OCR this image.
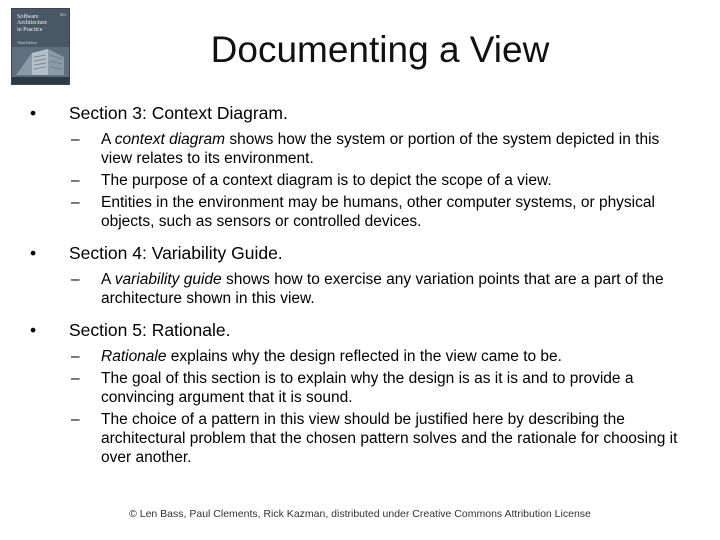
SEI
Software
Architecture
in Practice
Third Edition	Documenting a View
•	Section 3: Context Diagram.
–	A context diagram shows how the system or portion of the system depicted in this view relates to its environment.
–	The purpose of a context diagram is to depict the scope of a view.
–	Entities in the environment may be humans, other computer systems, or physical objects, such as sensors or controlled devices.
•	Section 4: Variability Guide.
–	A variability guide shows how to exercise any variation points that are a part of the architecture shown in this view.
•	Section 5: Rationale.
–	Rationale explains why the design reflected in the view came to be.
–	The goal of this section is to explain why the design is as it is and to provide a convincing argument that it is sound.
–	The choice of a pattern in this view should be justified here by describing the architectural problem that the chosen pattern solves and the rationale for choosing it over another.
© Len Bass, Paul Clements, Rick Kazman, distributed under Creative Commons Attribution License
